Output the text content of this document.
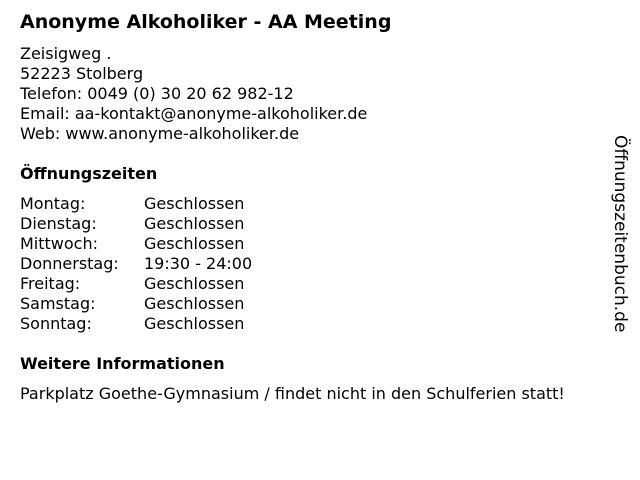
Anonyme Alkoholiker - AA Meeting
Zeisigweg .
52223 Stolberg
Telefon: 0049 (0) 30 20 62 982-12
Email: aa-kontakt@anonyme-alkoholiker.de
Web: www.anonyme-alkoholiker.de
Öffnungszeiten
Montag:	Geschlossen
Dienstag:	Geschlossen
Mittwoch:	Geschlossen
Donnerstag:	19:30 - 24:00
Freitag:	Geschlossen
Samstag:	Geschlossen
Sonntag:	Geschlossen
Weitere Informationen
Parkplatz Goethe-Gymnasium / findet nicht in den Schulferien statt!
Öffnungszeitenbuch.de
